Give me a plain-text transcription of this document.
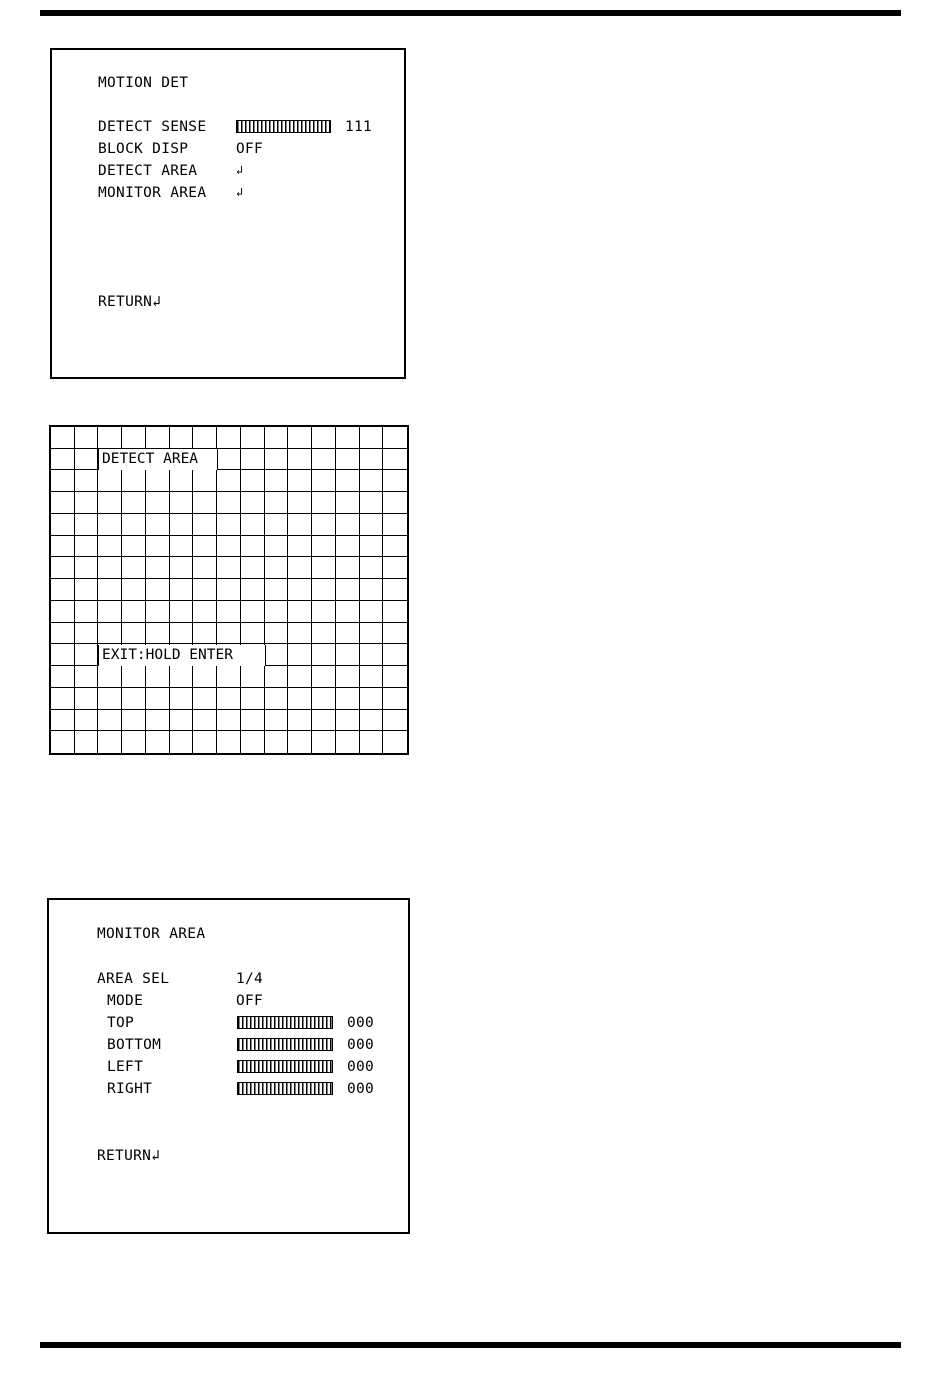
MOTION DET
DETECT SENSE	111
BLOCK DISP	OFF
DETECT AREA	↲
MONITOR AREA ↲
RETURN↲
DETECT AREA
EXIT:HOLD ENTER
MONITOR AREA
AREA SEL	1/4
MODE	OFF
TOP	000
BOTTOM	000
LEFT	000
RIGHT	000
RETURN↲
